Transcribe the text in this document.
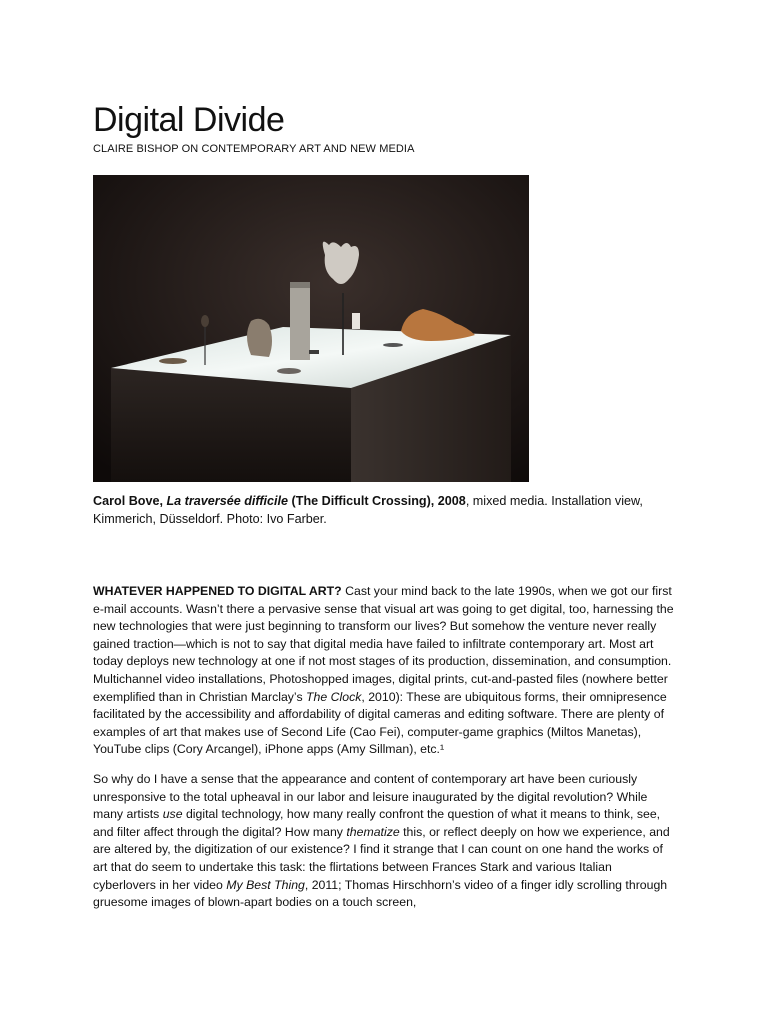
Digital Divide

CLAIRE BISHOP ON CONTEMPORARY ART AND NEW MEDIA

Carol Bove, La traversée difficile (The Difficult Crossing), 2008, mixed media. Installation view, Kimmerich, Düsseldorf. Photo: Ivo Farber.

WHATEVER HAPPENED TO DIGITAL ART? Cast your mind back to the late 1990s, when we got our first e-mail accounts. Wasn’t there a pervasive sense that visual art was going to get digital, too, harnessing the new technologies that were just beginning to transform our lives? But somehow the venture never really gained traction—which is not to say that digital media have failed to infiltrate contemporary art. Most art today deploys new technology at one if not most stages of its production, dissemination, and consumption. Multichannel video installations, Photoshopped images, digital prints, cut-and-pasted files (nowhere better exemplified than in Christian Marclay’s The Clock, 2010): These are ubiquitous forms, their omnipresence facilitated by the accessibility and affordability of digital cameras and editing software. There are plenty of examples of art that makes use of Second Life (Cao Fei), computer-game graphics (Miltos Manetas), YouTube clips (Cory Arcangel), iPhone apps (Amy Sillman), etc.¹

So why do I have a sense that the appearance and content of contemporary art have been curiously unresponsive to the total upheaval in our labor and leisure inaugurated by the digital revolution? While many artists use digital technology, how many really confront the question of what it means to think, see, and filter affect through the digital? How many thematize this, or reflect deeply on how we experience, and are altered by, the digitization of our existence? I find it strange that I can count on one hand the works of art that do seem to undertake this task: the flirtations between Frances Stark and various Italian cyberlovers in her video My Best Thing, 2011; Thomas Hirschhorn’s video of a finger idly scrolling through gruesome images of blown-apart bodies on a touch screen,
